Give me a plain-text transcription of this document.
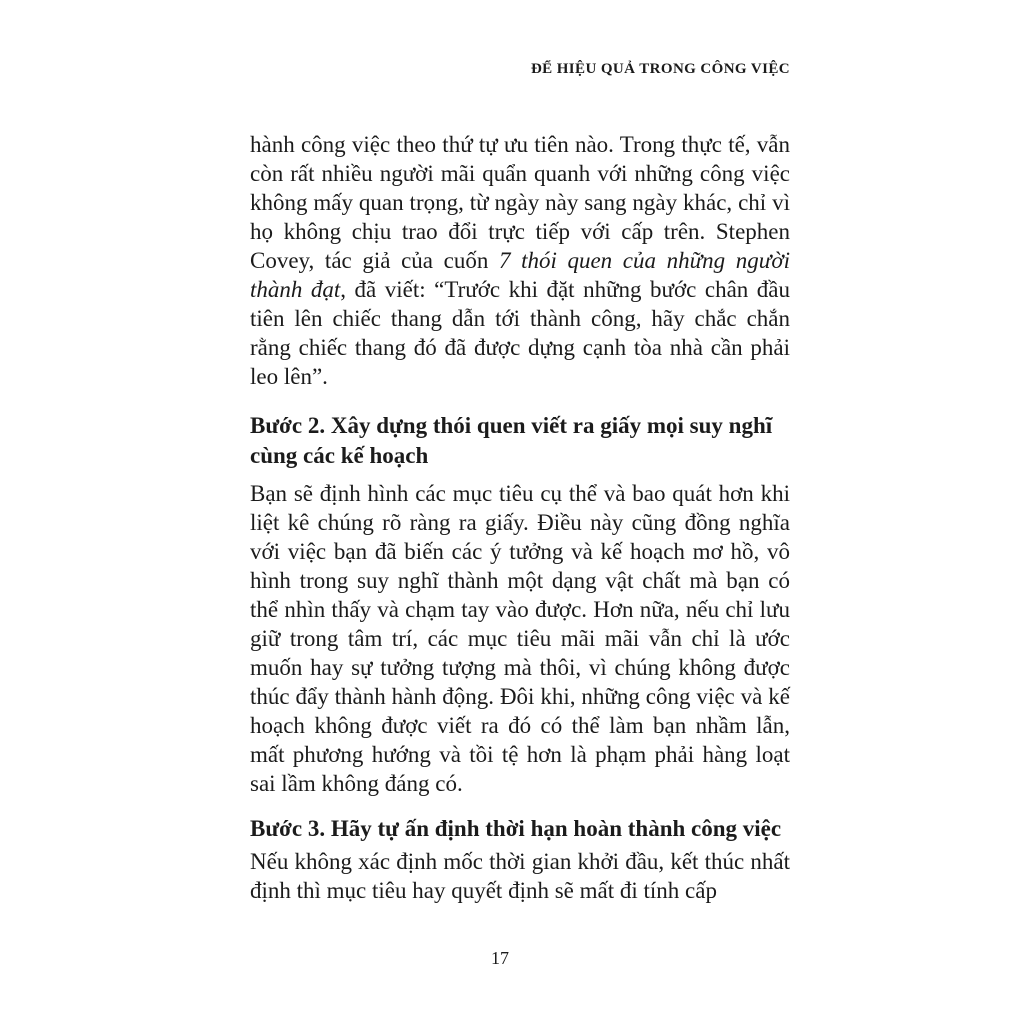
ĐỂ HIỆU QUẢ TRONG CÔNG VIỆC

hành công việc theo thứ tự ưu tiên nào. Trong thực tế, vẫn còn rất nhiều người mãi quẩn quanh với những công việc không mấy quan trọng, từ ngày này sang ngày khác, chỉ vì họ không chịu trao đổi trực tiếp với cấp trên. Stephen Covey, tác giả của cuốn 7 thói quen của những người thành đạt, đã viết: “Trước khi đặt những bước chân đầu tiên lên chiếc thang dẫn tới thành công, hãy chắc chắn rằng chiếc thang đó đã được dựng cạnh tòa nhà cần phải leo lên”.

Bước 2. Xây dựng thói quen viết ra giấy mọi suy nghĩ cùng các kế hoạch

Bạn sẽ định hình các mục tiêu cụ thể và bao quát hơn khi liệt kê chúng rõ ràng ra giấy. Điều này cũng đồng nghĩa với việc bạn đã biến các ý tưởng và kế hoạch mơ hồ, vô hình trong suy nghĩ thành một dạng vật chất mà bạn có thể nhìn thấy và chạm tay vào được. Hơn nữa, nếu chỉ lưu giữ trong tâm trí, các mục tiêu mãi mãi vẫn chỉ là ước muốn hay sự tưởng tượng mà thôi, vì chúng không được thúc đẩy thành hành động. Đôi khi, những công việc và kế hoạch không được viết ra đó có thể làm bạn nhầm lẫn, mất phương hướng và tồi tệ hơn là phạm phải hàng loạt sai lầm không đáng có.

Bước 3. Hãy tự ấn định thời hạn hoàn thành công việc

Nếu không xác định mốc thời gian khởi đầu, kết thúc nhất định thì mục tiêu hay quyết định sẽ mất đi tính cấp

17
